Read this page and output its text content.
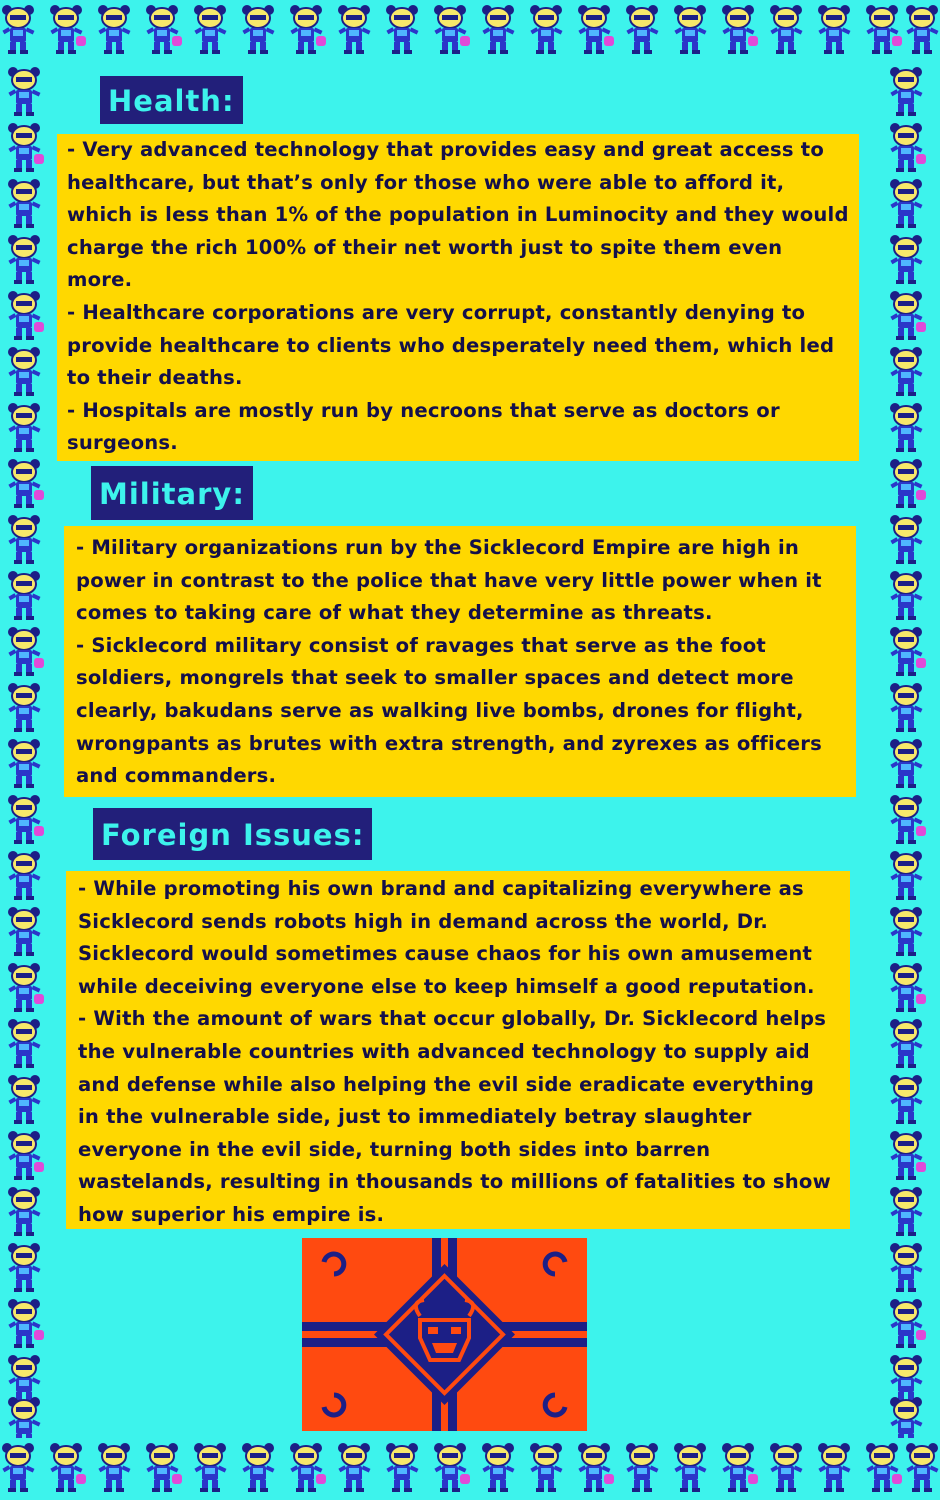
Health:

- Very advanced technology that provides easy and great access to healthcare, but that’s only for those who were able to afford it, which is less than 1% of the population in Luminocity and they would charge the rich 100% of their net worth just to spite them even more.

- Healthcare corporations are very corrupt, constantly denying to provide healthcare to clients who desperately need them, which led to their deaths.

- Hospitals are mostly run by necroons that serve as doctors or surgeons.

Military:

- Military organizations run by the Sicklecord Empire are high in power in contrast to the police that have very little power when it comes to taking care of what they determine as threats.

- Sicklecord military consist of ravages that serve as the foot soldiers, mongrels that seek to smaller spaces and detect more clearly, bakudans serve as walking live bombs, drones for flight, wrongpants as brutes with extra strength, and zyrexes as officers and commanders.

Foreign Issues:

- While promoting his own brand and capitalizing everywhere as Sicklecord sends robots high in demand across the world, Dr. Sicklecord would sometimes cause chaos for his own amusement while deceiving everyone else to keep himself a good reputation.

- With the amount of wars that occur globally, Dr. Sicklecord helps the vulnerable countries with advanced technology to supply aid and defense while also helping the evil side eradicate everything in the vulnerable side, just to immediately betray slaughter everyone in the evil side, turning both sides into barren wastelands, resulting in thousands to millions of fatalities to show how superior his empire is.
